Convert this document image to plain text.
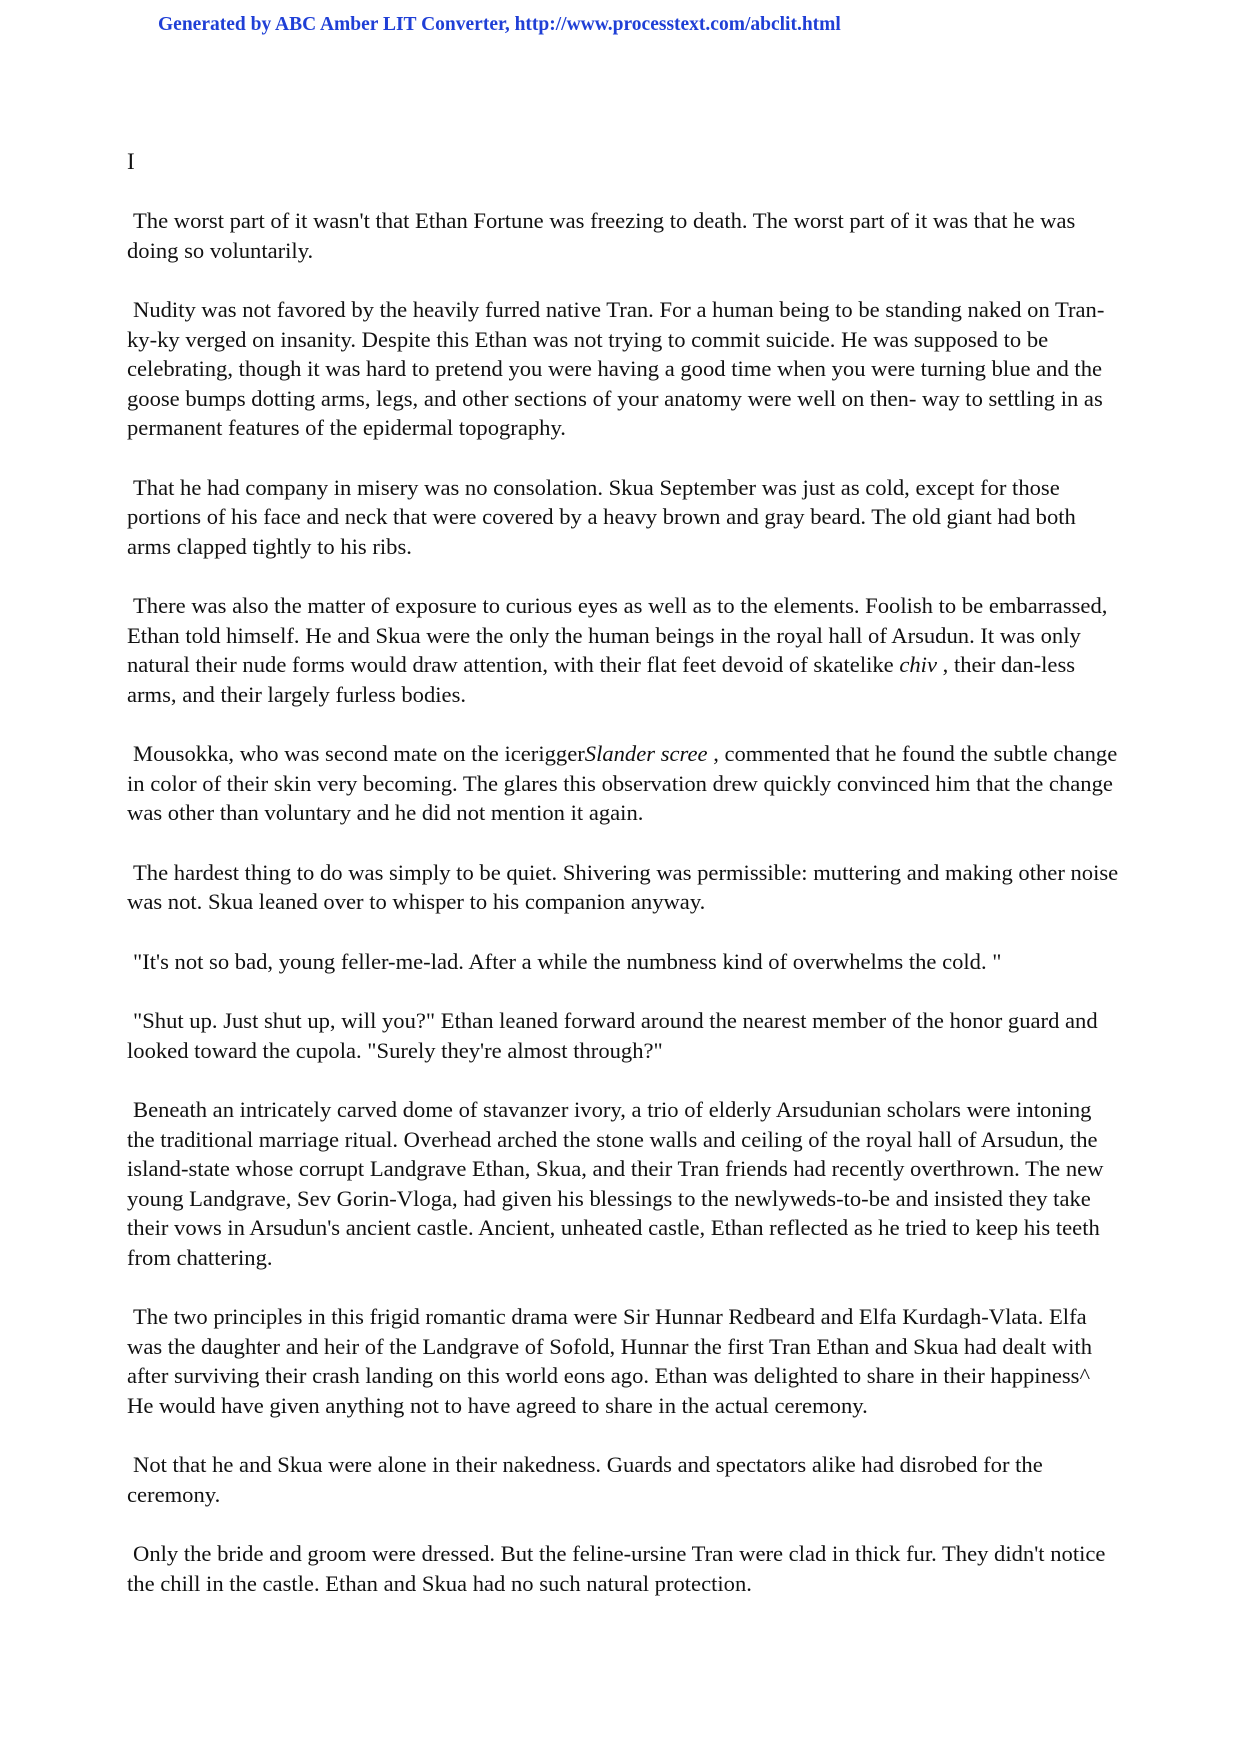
Generated by ABC Amber LIT Converter, http://www.processtext.com/abclit.html
I

The worst part of it wasn't that Ethan Fortune was freezing to death. The worst part of it was that he was doing so voluntarily.

Nudity was not favored by the heavily furred native Tran. For a human being to be standing naked on Tran-ky-ky verged on insanity. Despite this Ethan was not trying to commit suicide. He was supposed to be celebrating, though it was hard to pretend you were having a good time when you were turning blue and the goose bumps dotting arms, legs, and other sections of your anatomy were well on then- way to settling in as permanent features of the epidermal topography.

That he had company in misery was no consolation. Skua September was just as cold, except for those portions of his face and neck that were covered by a heavy brown and gray beard. The old giant had both arms clapped tightly to his ribs.

There was also the matter of exposure to curious eyes as well as to the elements. Foolish to be embarrassed, Ethan told himself. He and Skua were the only the human beings in the royal hall of Arsudun. It was only natural their nude forms would draw attention, with their flat feet devoid of skatelike chiv , their dan-less arms, and their largely furless bodies.

Mousokka, who was second mate on the iceriggerSlander scree , commented that he found the subtle change in color of their skin very becoming. The glares this observation drew quickly convinced him that the change was other than voluntary and he did not mention it again.

The hardest thing to do was simply to be quiet. Shivering was permissible: muttering and making other noise was not. Skua leaned over to whisper to his companion anyway.

"It's not so bad, young feller-me-lad. After a while the numbness kind of overwhelms the cold. "

"Shut up. Just shut up, will you?" Ethan leaned forward around the nearest member of the honor guard and looked toward the cupola. "Surely they're almost through?"

Beneath an intricately carved dome of stavanzer ivory, a trio of elderly Arsudunian scholars were intoning the traditional marriage ritual. Overhead arched the stone walls and ceiling of the royal hall of Arsudun, the island-state whose corrupt Landgrave Ethan, Skua, and their Tran friends had recently overthrown. The new young Landgrave, Sev Gorin-Vloga, had given his blessings to the newlyweds-to-be and insisted they take their vows in Arsudun's ancient castle. Ancient, unheated castle, Ethan reflected as he tried to keep his teeth from chattering.

The two principles in this frigid romantic drama were Sir Hunnar Redbeard and Elfa Kurdagh-Vlata. Elfa was the daughter and heir of the Landgrave of Sofold, Hunnar the first Tran Ethan and Skua had dealt with after surviving their crash landing on this world eons ago. Ethan was delighted to share in their happiness^ He would have given anything not to have agreed to share in the actual ceremony.

Not that he and Skua were alone in their nakedness. Guards and spectators alike had disrobed for the ceremony.

Only the bride and groom were dressed. But the feline-ursine Tran were clad in thick fur. They didn't notice the chill in the castle. Ethan and Skua had no such natural protection.
